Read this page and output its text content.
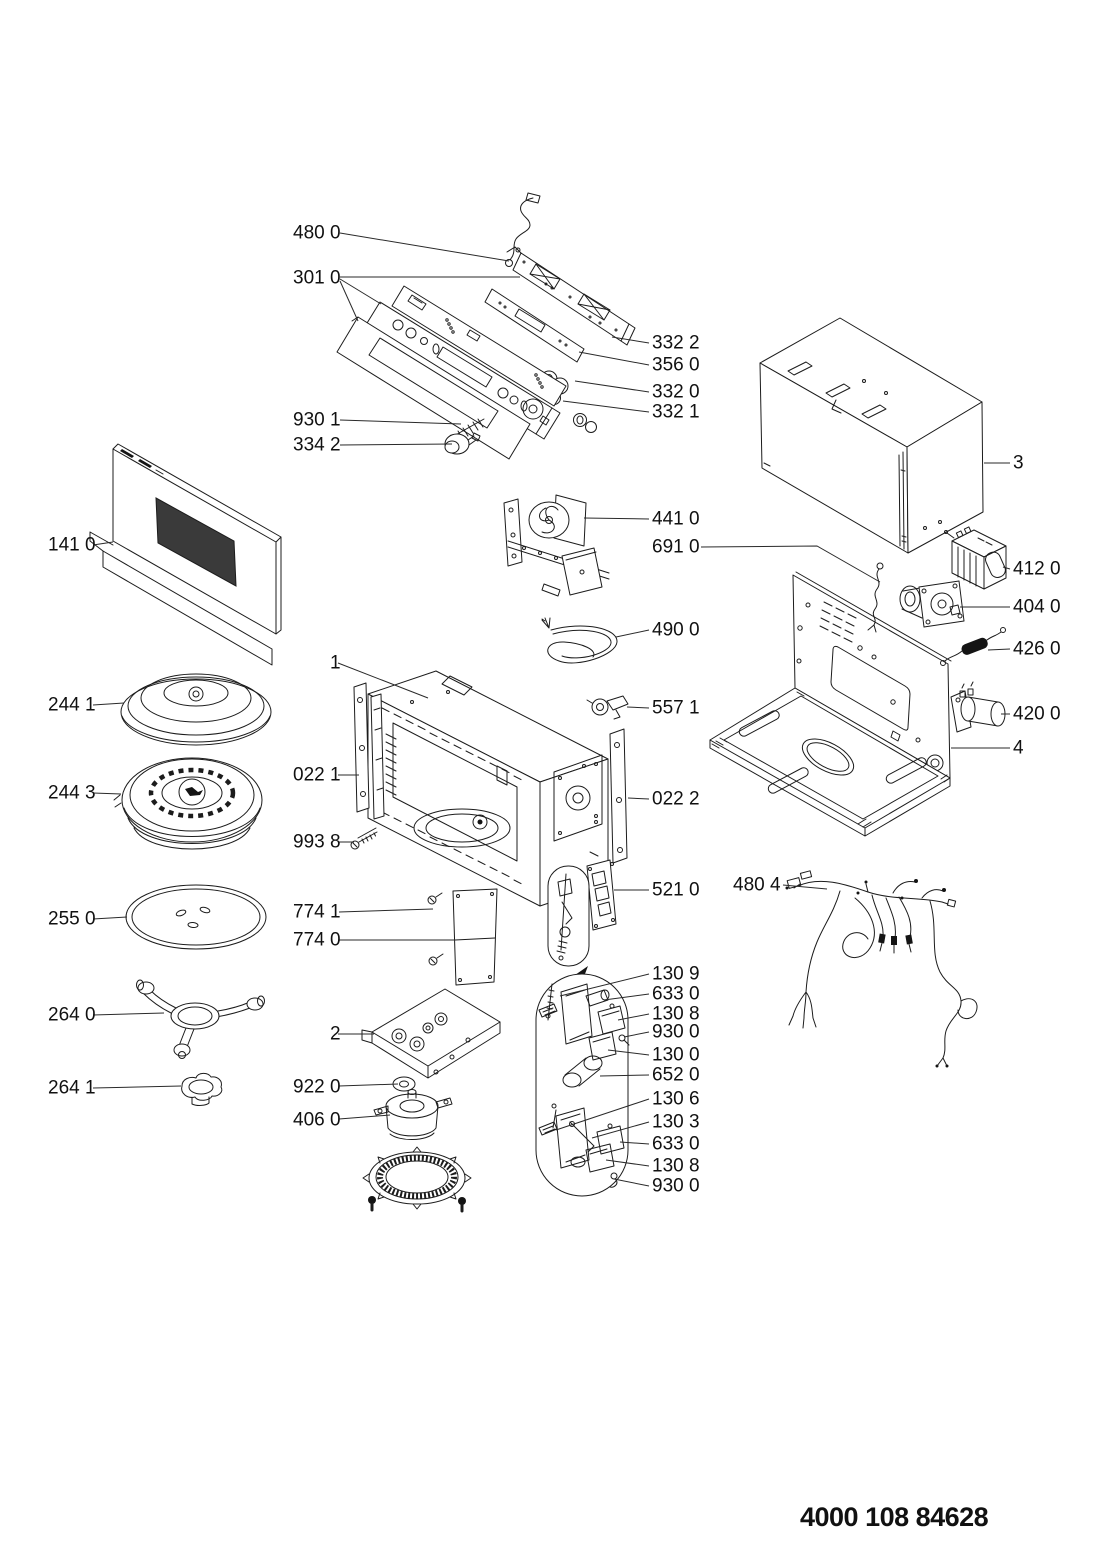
480 0
301 0
930 1
334 2
332 2
356 0
332 0
332 1
141 0
244 1
244 3
255 0
264 0
264 1
441 0
691 0
490 0
557 1
022 1
022 2
993 8
521 0
1
2
3
4
412 0
404 0
426 0
420 0
480 4
774 1
774 0
922 0
406 0
130 9
633 0
130 8
930 0
130 0
652 0
130 6
130 3
633 0
130 8
930 0
4000 108 84628
